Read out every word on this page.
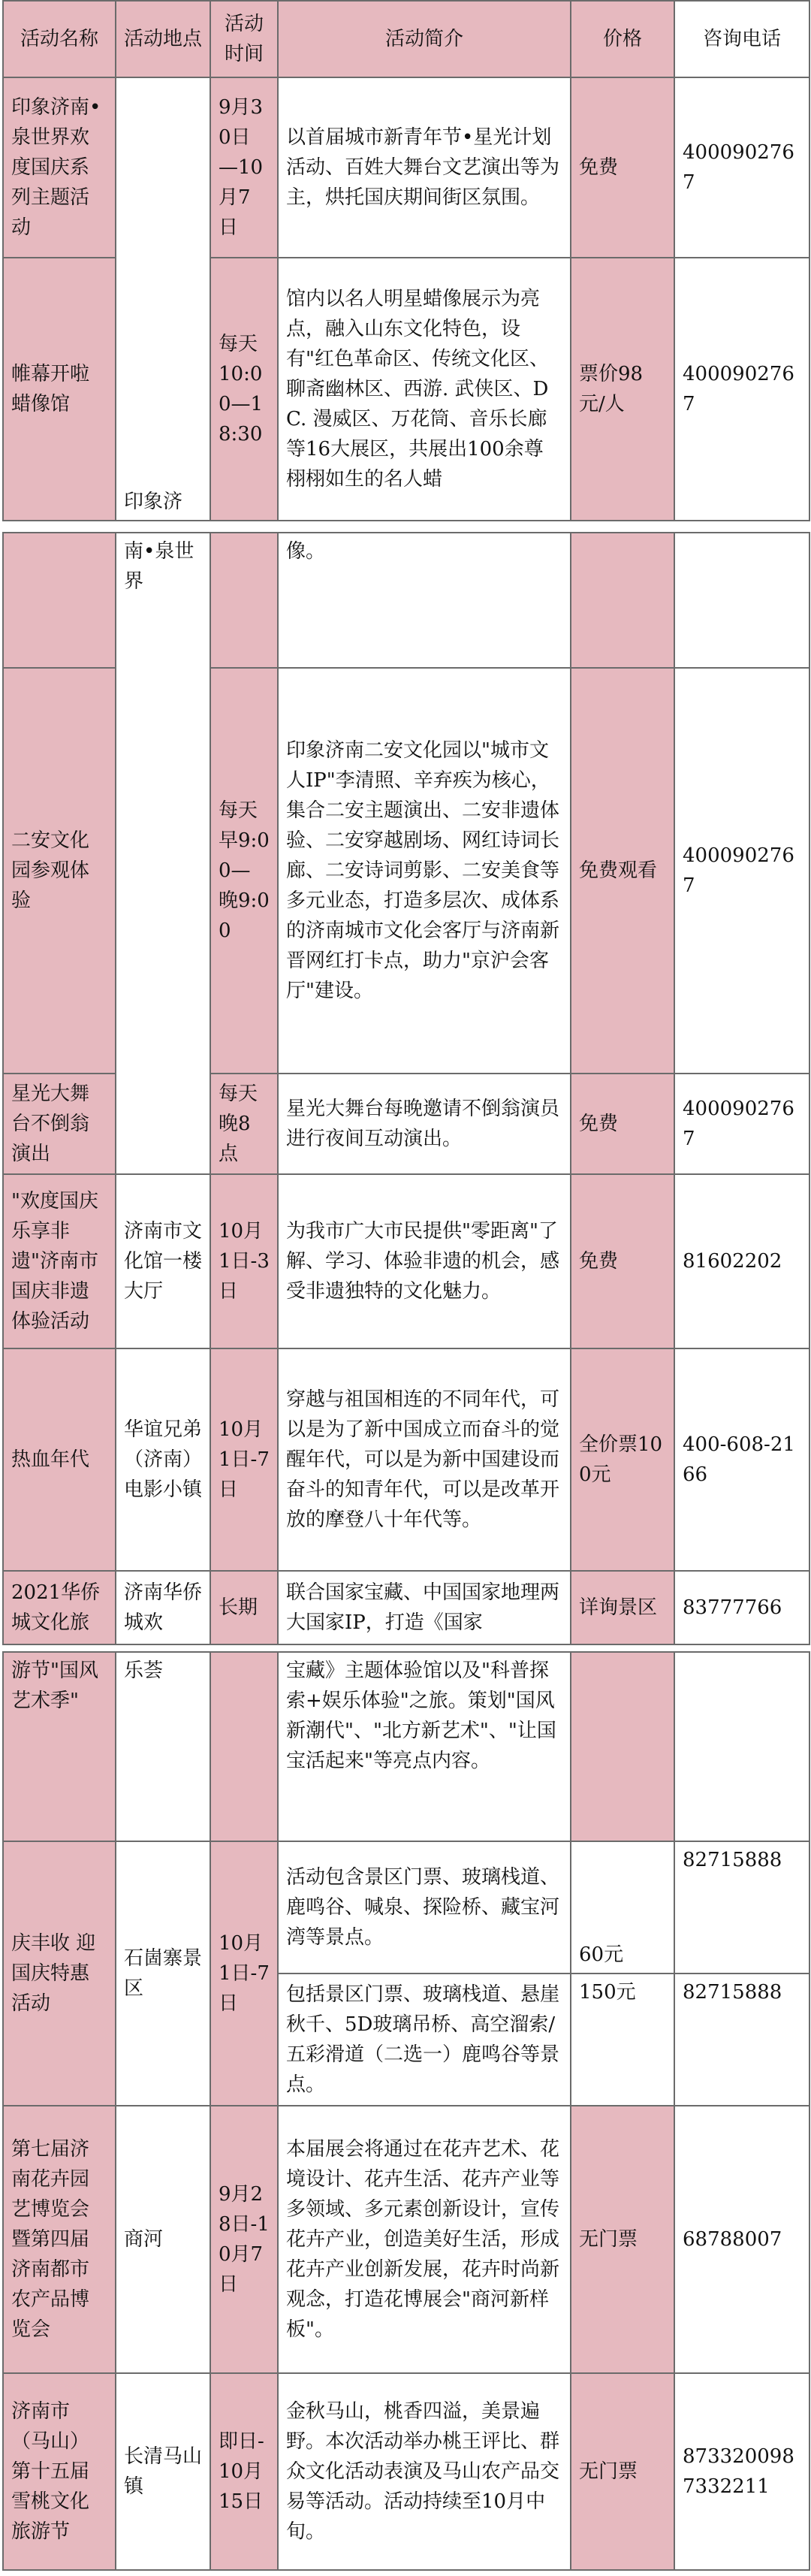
活动名称	活动地点	活动时间	活动简介	价格	咨询电话
印象济南•泉世界欢度国庆系列主题活动	印象济	9月30日—10月7日	以首届城市新青年节•星光计划活动、百姓大舞台文艺演出等为主，烘托国庆期间街区氛围。	免费	4000902767
帷幕开啦蜡像馆		每天10:00—18:30	馆内以名人明星蜡像展示为亮点，融入山东文化特色，设有"红色革命区、传统文化区、聊斋幽林区、西游. 武侠区、DC. 漫威区、万花筒、音乐长廊等16大展区，共展出100余尊栩栩如生的名人蜡	票价98元/人	4000902767
	南•泉世界		像。		
二安文化园参观体验		每天早9:00—晚9:00	印象济南二安文化园以"城市文人IP"李清照、辛弃疾为核心，集合二安主题演出、二安非遗体验、二安穿越剧场、网红诗词长廊、二安诗词剪影、二安美食等多元业态，打造多层次、成体系的济南城市文化会客厅与济南新晋网红打卡点，助力"京沪会客厅"建设。	免费观看	4000902767
星光大舞台不倒翁演出		每天晚8点	星光大舞台每晚邀请不倒翁演员进行夜间互动演出。	免费	4000902767
"欢度国庆 乐享非遗"济南市国庆非遗体验活动	济南市文化馆一楼大厅	10月1日-3日	为我市广大市民提供"零距离"了解、学习、体验非遗的机会，感受非遗独特的文化魅力。	免费	81602202
热血年代	华谊兄弟（济南）电影小镇	10月1日-7日	穿越与祖国相连的不同年代，可以是为了新中国成立而奋斗的觉醒年代，可以是为新中国建设而奋斗的知青年代，可以是改革开放的摩登八十年代等。	全价票100元	400-608-2166
2021华侨城文化旅	济南华侨城欢	长期	联合国家宝藏、中国国家地理两大国家IP，打造《国家	详询景区	83777766
游节"国风艺术季"	乐荟		宝藏》主题体验馆以及"科普探索+娱乐体验"之旅。策划"国风新潮代"、"北方新艺术"、"让国宝活起来"等亮点内容。		
庆丰收 迎国庆特惠活动	石崮寨景区	10月1日-7日	活动包含景区门票、玻璃栈道、鹿鸣谷、喊泉、探险桥、藏宝河湾等景点。	60元	82715888
			包括景区门票、玻璃栈道、悬崖秋千、5D玻璃吊桥、高空溜索/五彩滑道（二选一）鹿鸣谷等景点。	150元	82715888
第七届济南花卉园艺博览会暨第四届济南都市农产品博览会	商河	9月28日-10月7日	本届展会将通过在花卉艺术、花境设计、花卉生活、花卉产业等多领域、多元素创新设计，宣传花卉产业，创造美好生活，形成花卉产业创新发展，花卉时尚新观念，打造花博展会"商河新样板"。	无门票	68788007
济南市（马山）第十五届雪桃文化旅游节	长清马山镇	即日-10月15日	金秋马山，桃香四溢，美景遍野。本次活动举办桃王评比、群众文化活动表演及马山农产品交易等活动。活动持续至10月中旬。	无门票	8733200987332211
